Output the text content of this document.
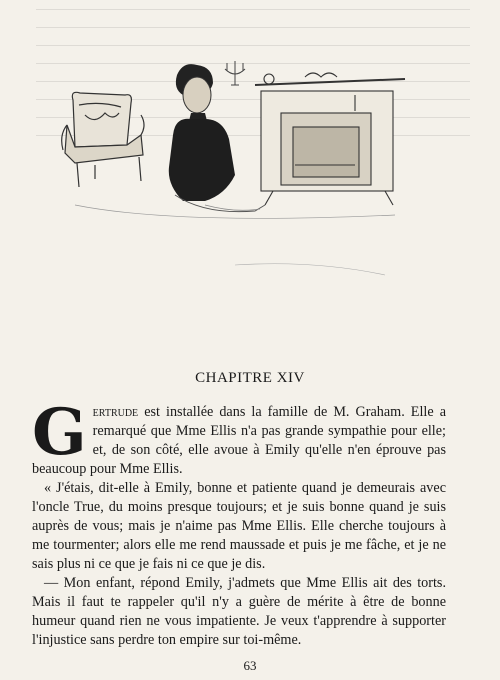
CHAPITRE XIV

Gertrude est installée dans la famille de M. Graham. Elle a remarqué que Mme Ellis n'a pas grande sympathie pour elle; et, de son côté, elle avoue à Emily qu'elle n'en éprouve pas beaucoup pour Mme Ellis.

« J'étais, dit-elle à Emily, bonne et patiente quand je demeurais avec l'oncle True, du moins presque toujours; et je suis bonne quand je suis auprès de vous; mais je n'aime pas Mme Ellis. Elle cherche toujours à me tourmenter; alors elle me rend maussade et puis je me fâche, et je ne sais plus ni ce que je fais ni ce que je dis.

— Mon enfant, répond Emily, j'admets que Mme Ellis ait des torts. Mais il faut te rappeler qu'il n'y a guère de mérite à être de bonne humeur quand rien ne vous impatiente. Je veux t'apprendre à supporter l'injustice sans perdre ton empire sur toi-même.

63
